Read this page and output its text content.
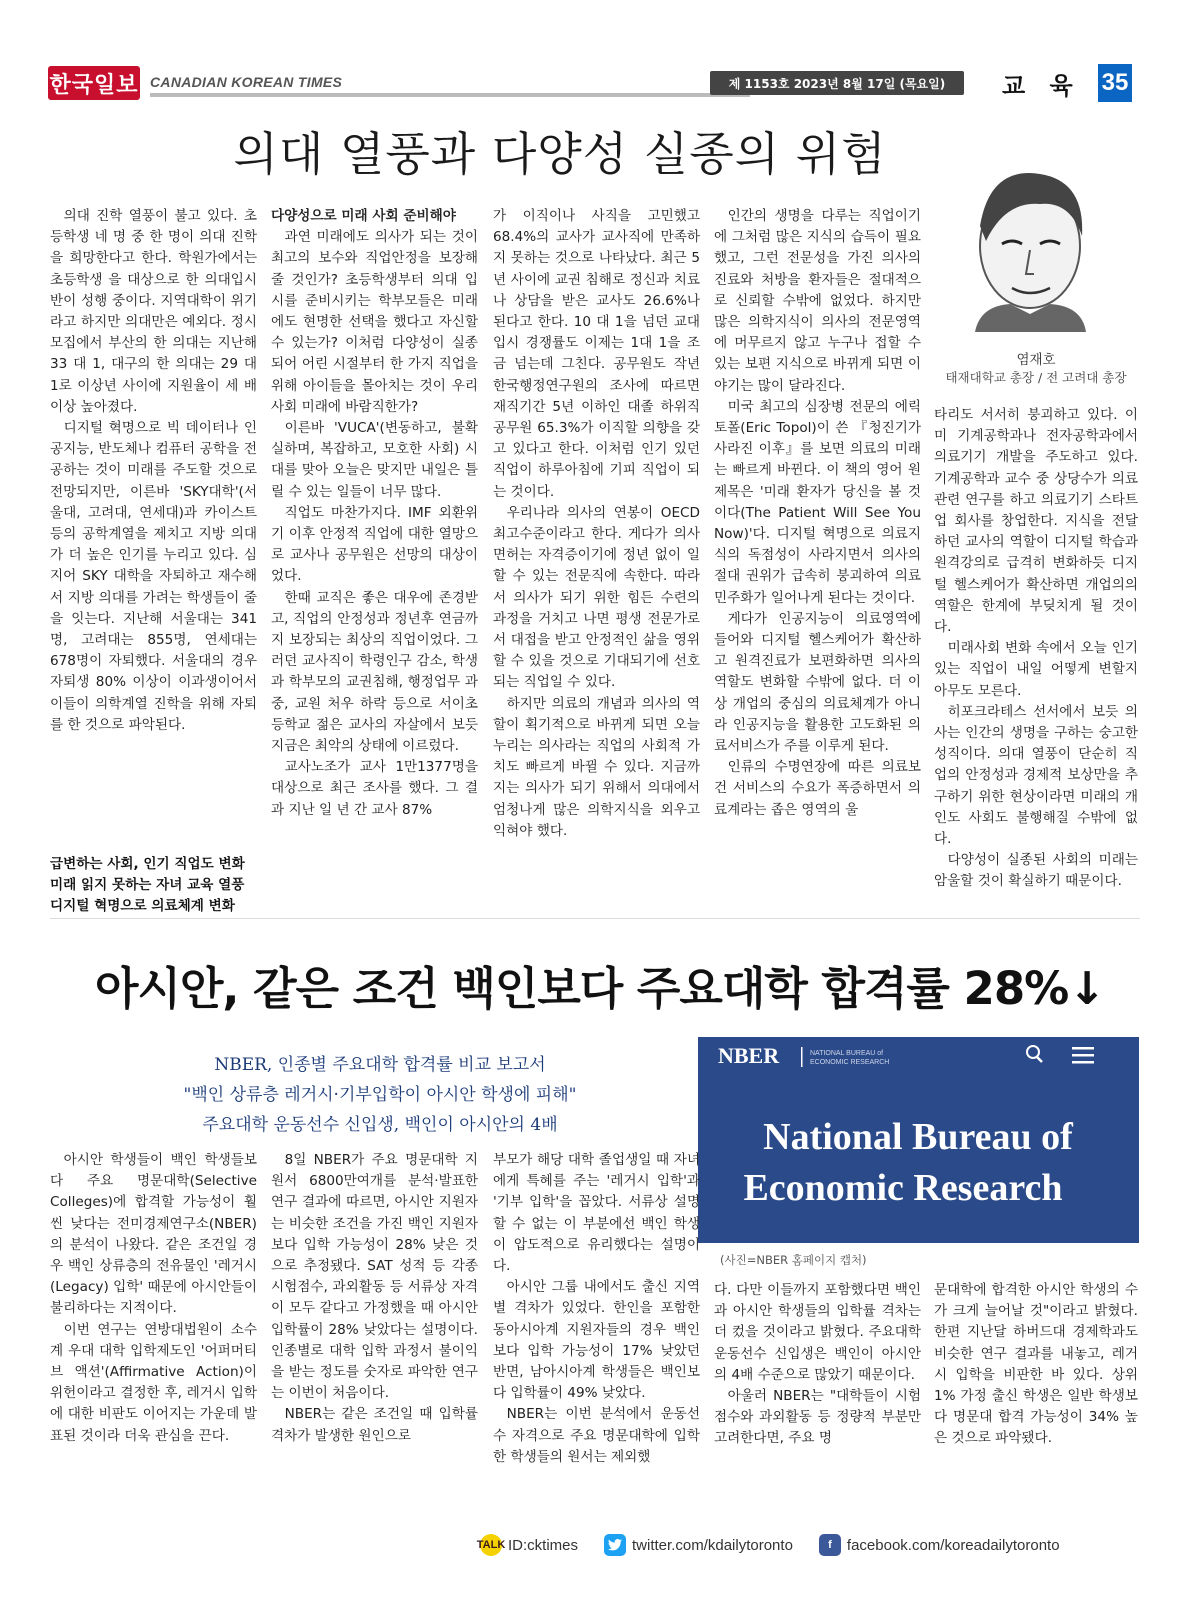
한국일보 CANADIAN KOREAN TIMES	제 1153호 2023년 8월 17일 (목요일)	교 육 35
의대 열풍과 다양성 실종의 위험

의대 진학 열풍이 불고 있다. 초등학생 네 명 중 한 명이 의대 진학을 희망한다고 한다. 학원가에서는 초등학생 을 대상으로 한 의대입시반이 성행 중이다. 지역대학이 위기라고 하지만 의대만은 예외다. 정시모집에서 부산의 한 의대는 지난해 33 대 1, 대구의 한 의대는 29 대 1로 이상년 사이에 지원율이 세 배 이상 높아졌다.

디지털 혁명으로 빅 데이터나 인공지능, 반도체나 컴퓨터 공학을 전공하는 것이 미래를 주도할 것으로 전망되지만, 이른바 'SKY대학'(서울대, 고려대, 연세대)과 카이스트 등의 공학계열을 제치고 지방 의대가 더 높은 인기를 누리고 있다. 심지어 SKY 대학을 자퇴하고 재수해서 지방 의대를 가려는 학생들이 줄을 잇는다. 지난해 서울대는 341명, 고려대는 855명, 연세대는 678명이 자퇴했다. 서울대의 경우 자퇴생 80% 이상이 이과생이어서 이들이 의학계열 진학을 위해 자퇴를 한 것으로 파악된다.

급변하는 사회, 인기 직업도 변화
미래 읽지 못하는 자녀 교육 열풍
디지털 혁명으로 의료체계 변화

다양성으로 미래 사회 준비해야

과연 미래에도 의사가 되는 것이 최고의 보수와 직업안정을 보장해줄 것인가? 초등학생부터 의대 입시를 준비시키는 학부모들은 미래에도 현명한 선택을 했다고 자신할 수 있는가? 이처럼 다양성이 실종되어 어린 시절부터 한 가지 직업을 위해 아이들을 몰아치는 것이 우리 사회 미래에 바람직한가?

이른바 'VUCA'(변동하고, 불확실하며, 복잡하고, 모호한 사회) 시대를 맞아 오늘은 맞지만 내일은 틀릴 수 있는 일들이 너무 많다.

직업도 마찬가지다. IMF 외환위기 이후 안정적 직업에 대한 열망으로 교사나 공무원은 선망의 대상이었다.

한때 교직은 좋은 대우에 존경받고, 직업의 안정성과 정년후 연금까지 보장되는 최상의 직업이었다. 그러던 교사직이 학령인구 감소, 학생과 학부모의 교권침해, 행정업무 과중, 교원 처우 하락 등으로 서이초등학교 젊은 교사의 자살에서 보듯 지금은 최악의 상태에 이르렀다.

교사노조가 교사 1만1377명을 대상으로 최근 조사를 했다. 그 결과 지난 일 년 간 교사 87%

가 이직이나 사직을 고민했고 68.4%의 교사가 교사직에 만족하지 못하는 것으로 나타났다. 최근 5년 사이에 교권 침해로 정신과 치료나 상담을 받은 교사도 26.6%나 된다고 한다. 10 대 1을 넘던 교대 입시 경쟁률도 이제는 1대 1을 조금 넘는데 그친다. 공무원도 작년 한국행정연구원의 조사에 따르면 재직기간 5년 이하인 대졸 하위직 공무원 65.3%가 이직할 의향을 갖고 있다고 한다. 이처럼 인기 있던 직업이 하루아침에 기피 직업이 되는 것이다.

우리나라 의사의 연봉이 OECD 최고수준이라고 한다. 게다가 의사면허는 자격증이기에 정년 없이 일할 수 있는 전문직에 속한다. 따라서 의사가 되기 위한 힘든 수련의 과정을 거치고 나면 평생 전문가로서 대접을 받고 안정적인 삶을 영위할 수 있을 것으로 기대되기에 선호되는 직업일 수 있다.

하지만 의료의 개념과 의사의 역할이 획기적으로 바뀌게 되면 오늘 누리는 의사라는 직업의 사회적 가치도 빠르게 바뀔 수 있다. 지금까지는 의사가 되기 위해서 의대에서 엄청나게 많은 의학지식을 외우고 익혀야 했다.

인간의 생명을 다루는 직업이기에 그처럼 많은 지식의 습득이 필요했고, 그런 전문성을 가진 의사의 진료와 처방을 환자들은 절대적으로 신뢰할 수밖에 없었다. 하지만 많은 의학지식이 의사의 전문영역에 머무르지 않고 누구나 접할 수 있는 보편 지식으로 바뀌게 되면 이야기는 많이 달라진다.

미국 최고의 심장병 전문의 에릭 토폴(Eric Topol)이 쓴 『청진기가 사라진 이후』를 보면 의료의 미래는 빠르게 바뀐다. 이 책의 영어 원제목은 '미래 환자가 당신을 볼 것이다(The Patient Will See You Now)'다. 디지털 혁명으로 의료지식의 독점성이 사라지면서 의사의 절대 권위가 급속히 붕괴하여 의료민주화가 일어나게 된다는 것이다.

게다가 인공지능이 의료영역에 들어와 디지털 헬스케어가 확산하고 원격진료가 보편화하면 의사의 역할도 변화할 수밖에 없다. 더 이상 개업의 중심의 의료체계가 아니라 인공지능을 활용한 고도화된 의료서비스가 주를 이루게 된다.

인류의 수명연장에 따른 의료보건 서비스의 수요가 폭증하면서 의료계라는 좁은 영역의 울

염재호
태재대학교 총장 / 전 고려대 총장

타리도 서서히 붕괴하고 있다. 이미 기계공학과나 전자공학과에서 의료기기 개발을 주도하고 있다. 기계공학과 교수 중 상당수가 의료 관련 연구를 하고 의료기기 스타트업 회사를 창업한다. 지식을 전달하던 교사의 역할이 디지털 학습과 원격강의로 급격히 변화하듯 디지털 헬스케어가 확산하면 개업의의 역할은 한계에 부딪치게 될 것이다.

미래사회 변화 속에서 오늘 인기 있는 직업이 내일 어떻게 변할지 아무도 모른다.

히포크라테스 선서에서 보듯 의사는 인간의 생명을 구하는 숭고한 성직이다. 의대 열풍이 단순히 직업의 안정성과 경제적 보상만을 추구하기 위한 현상이라면 미래의 개인도 사회도 불행해질 수밖에 없다.

다양성이 실종된 사회의 미래는 암울할 것이 확실하기 때문이다.

아시안, 같은 조건 백인보다 주요대학 합격률 28%↓
NBER, 인종별 주요대학 합격률 비교 보고서
"백인 상류층 레거시·기부입학이 아시안 학생에 피해"
주요대학 운동선수 신입생, 백인이 아시안의 4배
NBER	NATIONAL BUREAU of
ECONOMIC RESEARCH
National Bureau of
Economic Research
(사진=NBER 홈페이지 캡처)

아시안 학생들이 백인 학생들보다 주요 명문대학(Selective Colleges)에 합격할 가능성이 훨씬 낮다는 전미경제연구소(NBER)의 분석이 나왔다. 같은 조건일 경우 백인 상류층의 전유물인 '레거시(Legacy) 입학' 때문에 아시안들이 불리하다는 지적이다.

이번 연구는 연방대법원이 소수계 우대 대학 입학제도인 '어퍼머티브 액션'(Affirmative Action)이 위헌이라고 결정한 후, 레거시 입학에 대한 비판도 이어지는 가운데 발표된 것이라 더욱 관심을 끈다.

8일 NBER가 주요 명문대학 지원서 6800만여개를 분석·발표한 연구 결과에 따르면, 아시안 지원자는 비슷한 조건을 가진 백인 지원자보다 입학 가능성이 28% 낮은 것으로 추정됐다. SAT 성적 등 각종 시험점수, 과외활동 등 서류상 자격이 모두 같다고 가정했을 때 아시안 입학률이 28% 낮았다는 설명이다. 인종별로 대학 입학 과정서 불이익을 받는 정도를 숫자로 파악한 연구는 이번이 처음이다.

NBER는 같은 조건일 때 입학률 격차가 발생한 원인으로

부모가 해당 대학 졸업생일 때 자녀에게 특혜를 주는 '레거시 입학'과 '기부 입학'을 꼽았다. 서류상 설명할 수 없는 이 부분에선 백인 학생이 압도적으로 유리했다는 설명이다.

아시안 그룹 내에서도 출신 지역별 격차가 있었다. 한인을 포함한 동아시아계 지원자들의 경우 백인보다 입학 가능성이 17% 낮았던 반면, 남아시아계 학생들은 백인보다 입학률이 49% 낮았다.

NBER는 이번 분석에서 운동선수 자격으로 주요 명문대학에 입학한 학생들의 원서는 제외했

다. 다만 이들까지 포함했다면 백인과 아시안 학생들의 입학률 격차는 더 컸을 것이라고 밝혔다. 주요대학 운동선수 신입생은 백인이 아시안의 4배 수준으로 많았기 때문이다.

아울러 NBER는 "대학들이 시험 점수와 과외활동 등 정량적 부분만 고려한다면, 주요 명

문대학에 합격한 아시안 학생의 수가 크게 늘어날 것"이라고 밝혔다. 한편 지난달 하버드대 경제학과도 비슷한 연구 결과를 내놓고, 레거시 입학을 비판한 바 있다. 상위 1% 가정 출신 학생은 일반 학생보다 명문대 합격 가능성이 34% 높은 것으로 파악됐다.

TALK ID:cktimes	twitter.com/kdailytoronto	f	facebook.com/koreadailytoronto
